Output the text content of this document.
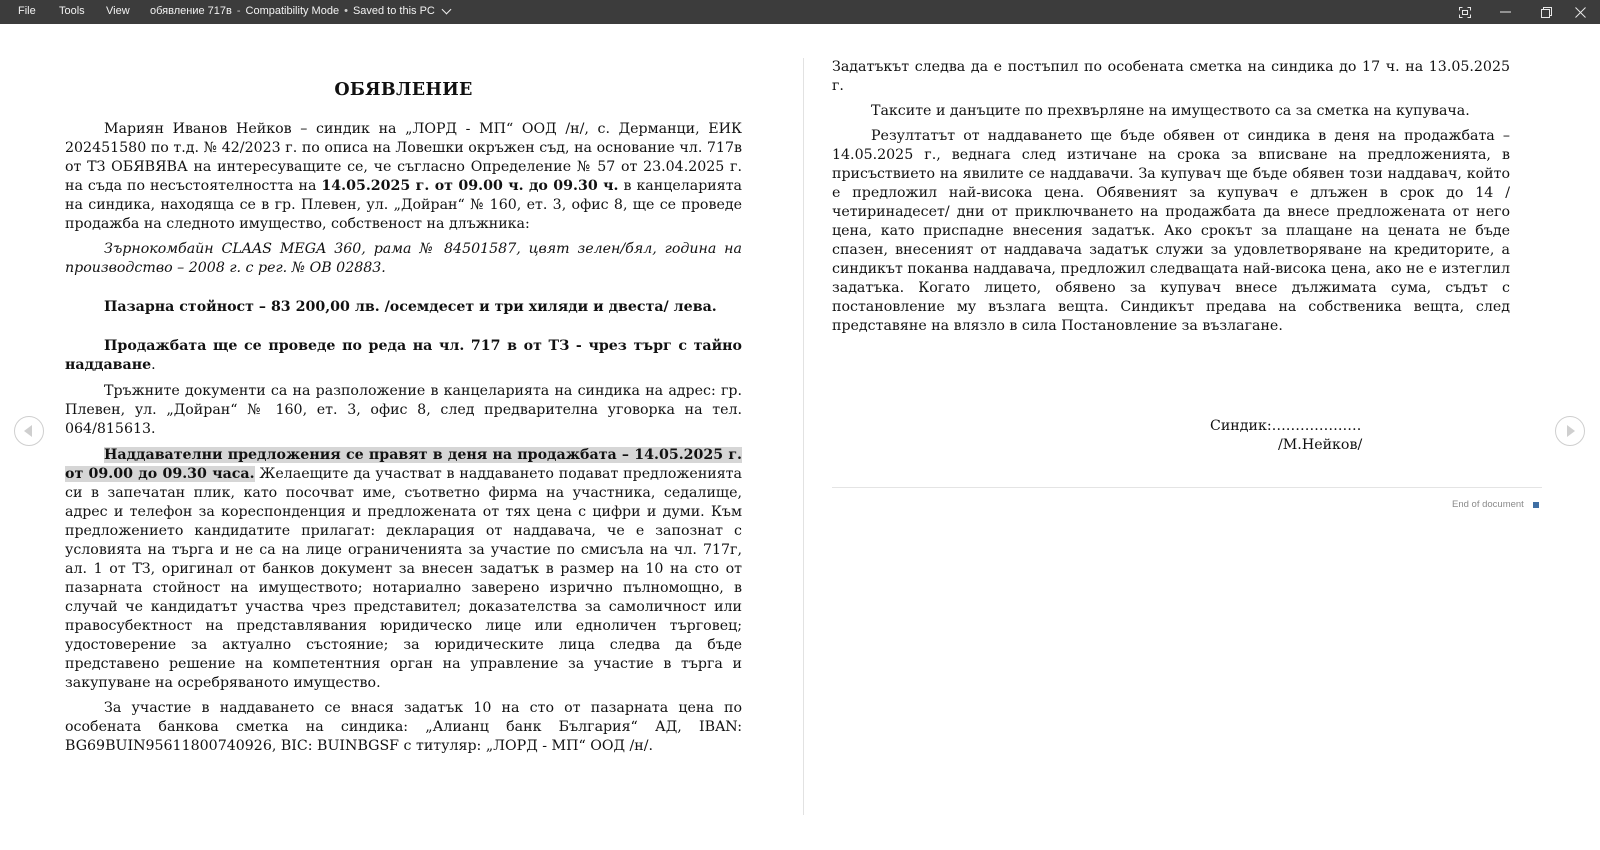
File Tools View обявление 717в - Compatibility Mode • Saved to this PC

ОБЯВЛЕНИЕ

Мариян Иванов Нейков – синдик на „ЛОРД - МП“ ООД /н/, с. Дерманци, ЕИК 202451580 по т.д. № 42/2023 г. по описа на Ловешки окръжен съд, на основание чл. 717в от ТЗ ОБЯВЯВА на интересуващите се, че съгласно Определение № 57 от 23.04.2025 г. на съда по несъстоятелността на 14.05.2025 г. от 09.00 ч. до 09.30 ч. в канцеларията на синдика, находяща се в гр. Плевен, ул. „Дойран“ № 160, ет. 3, офис 8, ще се проведе продажба на следното имущество, собственост на длъжника:

Зърнокомбайн CLAAS MEGA 360, рама № 84501587, цвят зелен/бял, година на производство – 2008 г. с рег. № ОВ 02883.

Пазарна стойност – 83 200,00 лв. /осемдесет и три хиляди и двеста/ лева.

Продажбата ще се проведе по реда на чл. 717 в от ТЗ - чрез търг с тайно наддаване.

Тръжните документи са на разположение в канцеларията на синдика на адрес: гр. Плевен, ул. „Дойран“ № 160, ет. 3, офис 8, след предварителна уговорка на тел. 064/815613.

Наддавателни предложения се правят в деня на продажбата – 14.05.2025 г. от 09.00 до 09.30 часа. Желаещите да участват в наддаването подават предложенията си в запечатан плик, като посочват име, съответно фирма на участника, седалище, адрес и телефон за кореспонденция и предложената от тях цена с цифри и думи. Към предложението кандидатите прилагат: декларация от наддавача, че е запознат с условията на търга и не са на лице ограниченията за участие по смисъла на чл. 717г, ал. 1 от ТЗ, оригинал от банков документ за внесен задатък в размер на 10 на сто от пазарната стойност на имуществото; нотариално заверено изрично пълномощно, в случай че кандидатът участва чрез представител; доказателства за самоличност или правосубектност на представлявания юридическо лице или едноличен търговец; удостоверение за актуално състояние; за юридическите лица следва да бъде представено решение на компетентния орган на управление за участие в търга и закупуване на осребряваното имущество.

За участие в наддаването се внася задатък 10 на сто от пазарната цена по особената банкова сметка на синдика: „Алианц банк България“ АД, IBAN: BG69BUIN95611800740926, BIC: BUINBGSF с титуляр: „ЛОРД - МП“ ООД /н/.

Задатъкът следва да е постъпил по особената сметка на синдика до 17 ч. на 13.05.2025 г.

Таксите и данъците по прехвърляне на имуществото са за сметка на купувача.

Резултатът от наддаването ще бъде обявен от синдика в деня на продажбата – 14.05.2025 г., веднага след изтичане на срока за вписване на предложенията, в присъствието на явилите се наддавачи. За купувач ще бъде обявен този наддавач, който е предложил най-висока цена. Обявеният за купувач е длъжен в срок до 14 /четиринадесет/ дни от приключването на продажбата да внесе предложената от него цена, като приспадне внесения задатък. Ако срокът за плащане на цената не бъде спазен, внесеният от наддавача задатък служи за удовлетворяване на кредиторите, а синдикът поканва наддавача, предложил следващата най-висока цена, ако не е изтеглил задатъка. Когато лицето, обявено за купувач внесе дължимата сума, съдът с постановление му възлага вещта. Синдикът предава на собственика вещта, след представяне на влязло в сила Постановление за възлагане.

Синдик:……………….
/М.Нейков/
End of document
